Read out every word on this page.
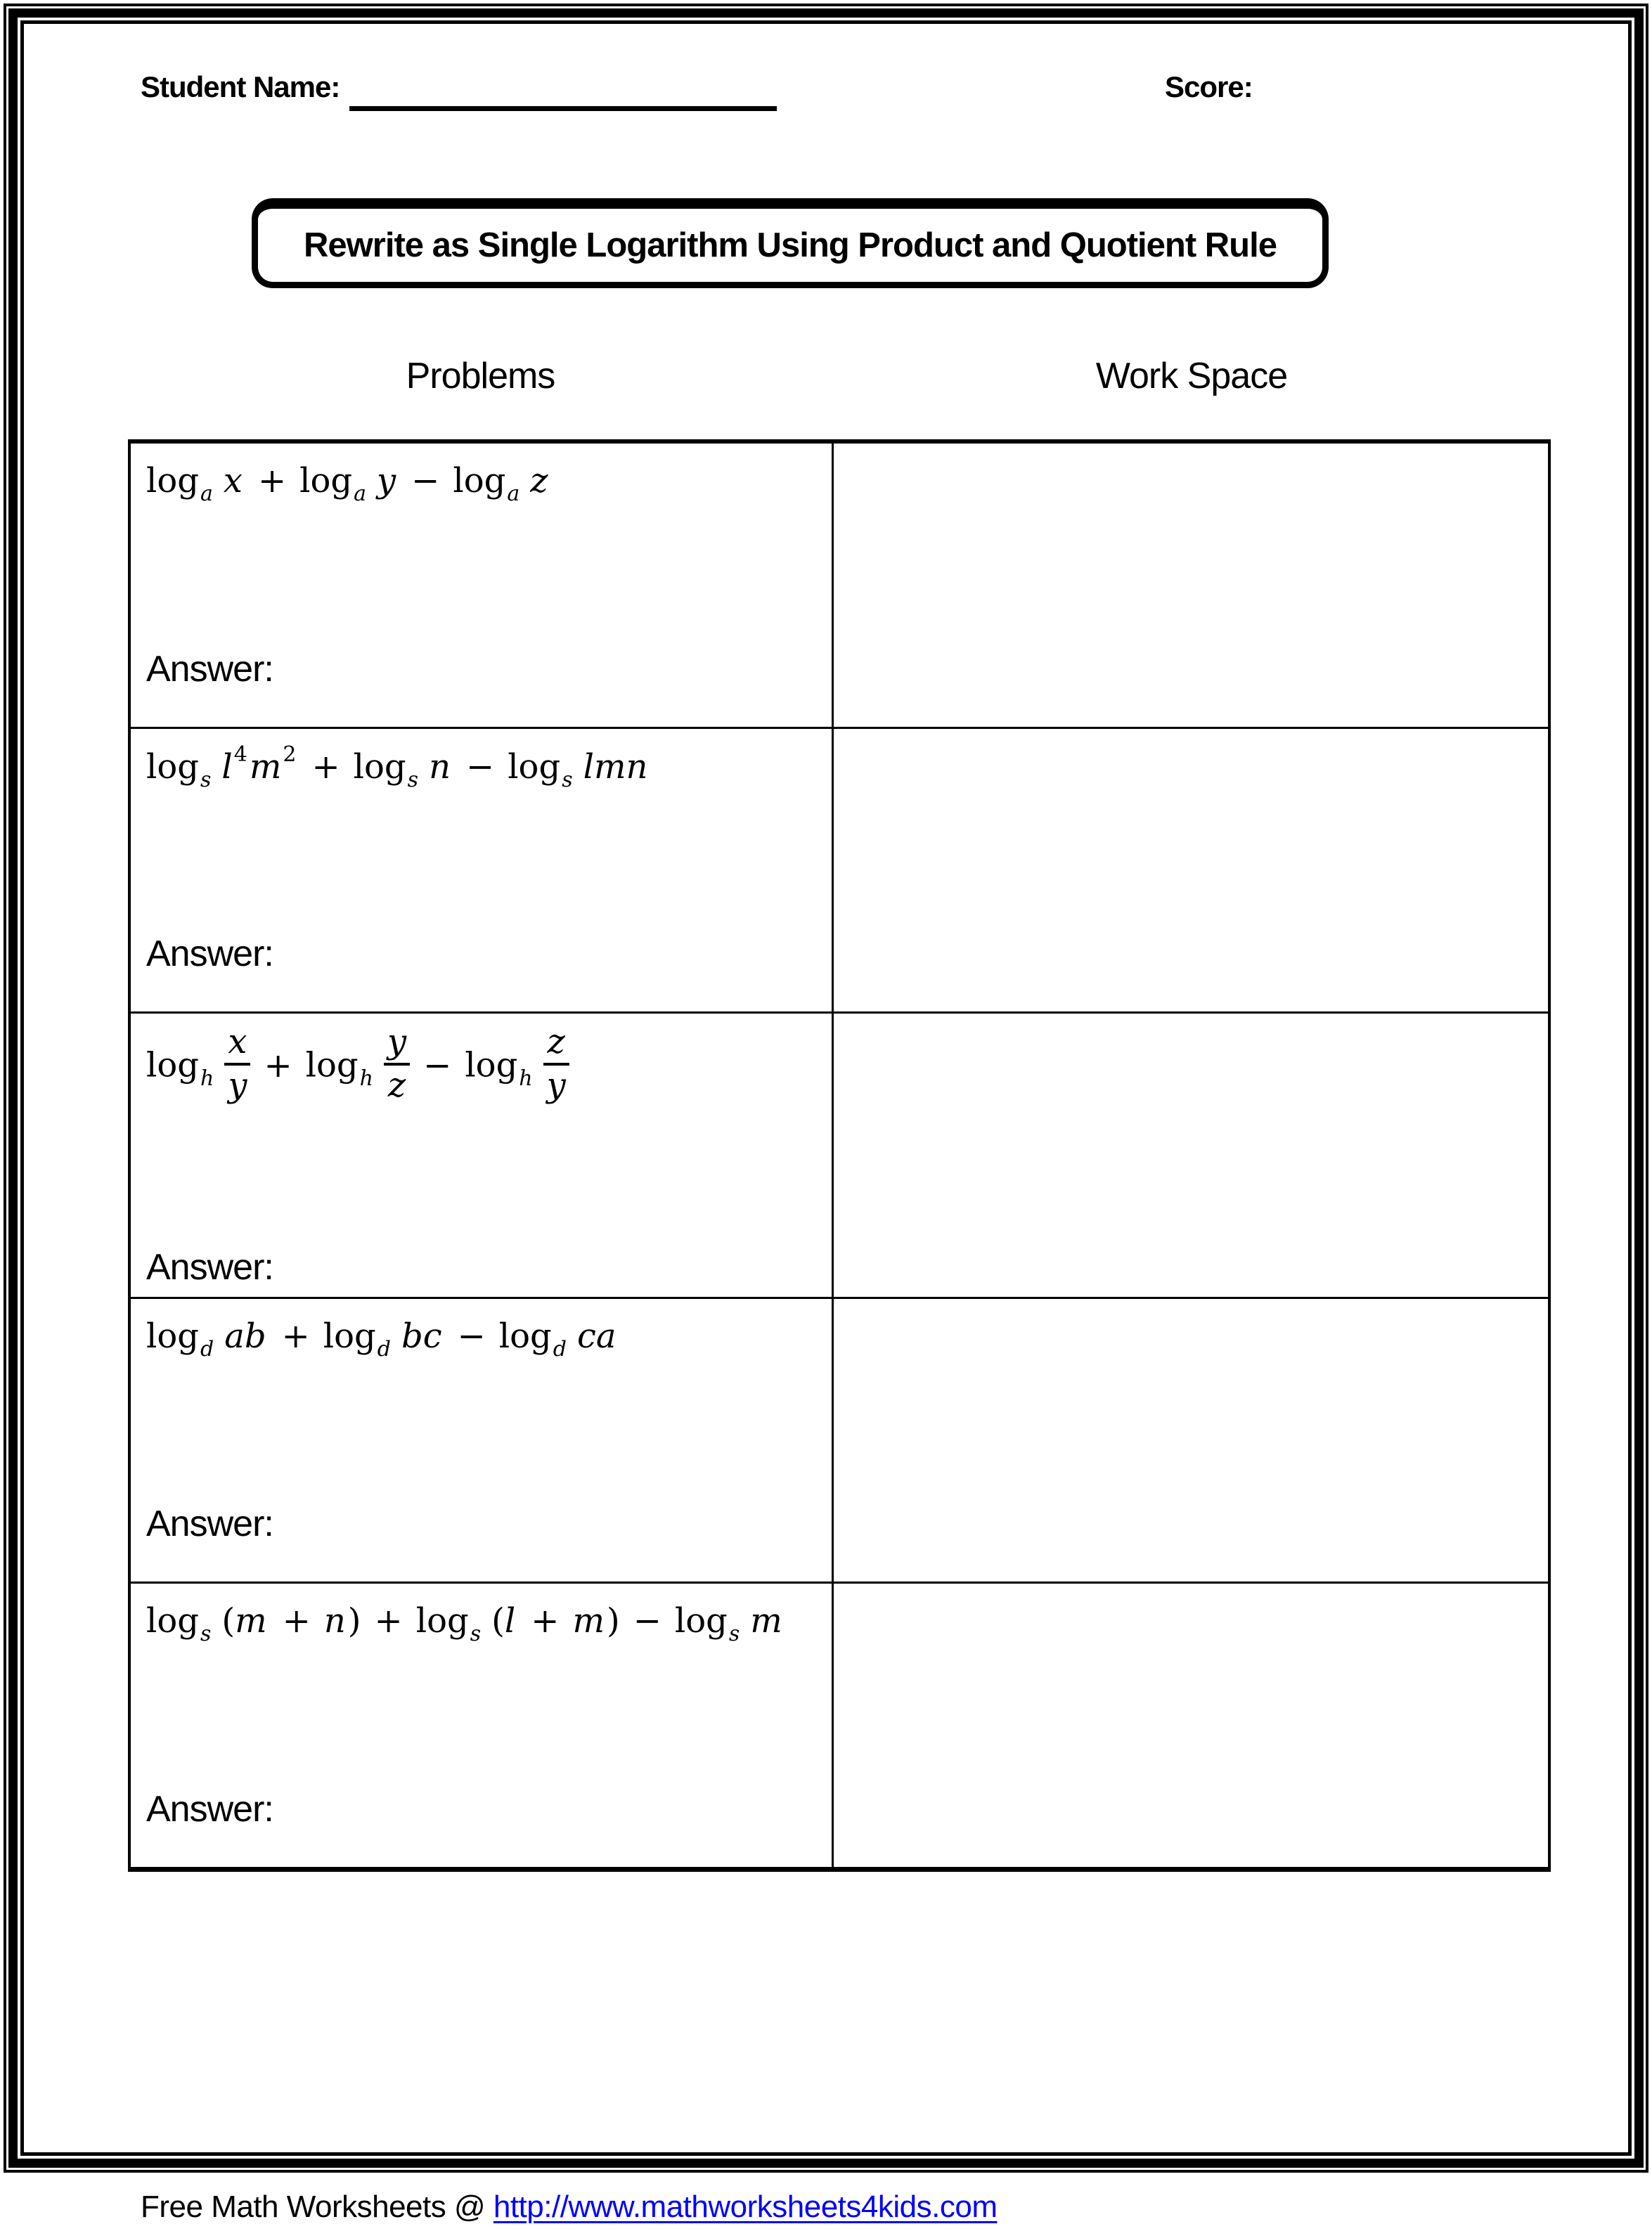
Student Name:	Score:
Rewrite as Single Logarithm Using Product and Quotient Rule
Problems	Work Space
$\log_a x + \log_a y - \log_a z$
Answer:
$\log_s l^4m^2 + \log_s n - \log_s$ lmn
Answer:
$\log_h \frac{x}{y} + \log_h \frac{y}{z} - \log_h \frac{z}{y}$
Answer:
$\log_d$ ab + $\log_d$ bc − $\log_d$ ca
Answer:
$\log_s (m + n) + \log_s (l + m) - \log_s m$
Answer:
Free Math Worksheets @ http://www.mathworksheets4kids.com
